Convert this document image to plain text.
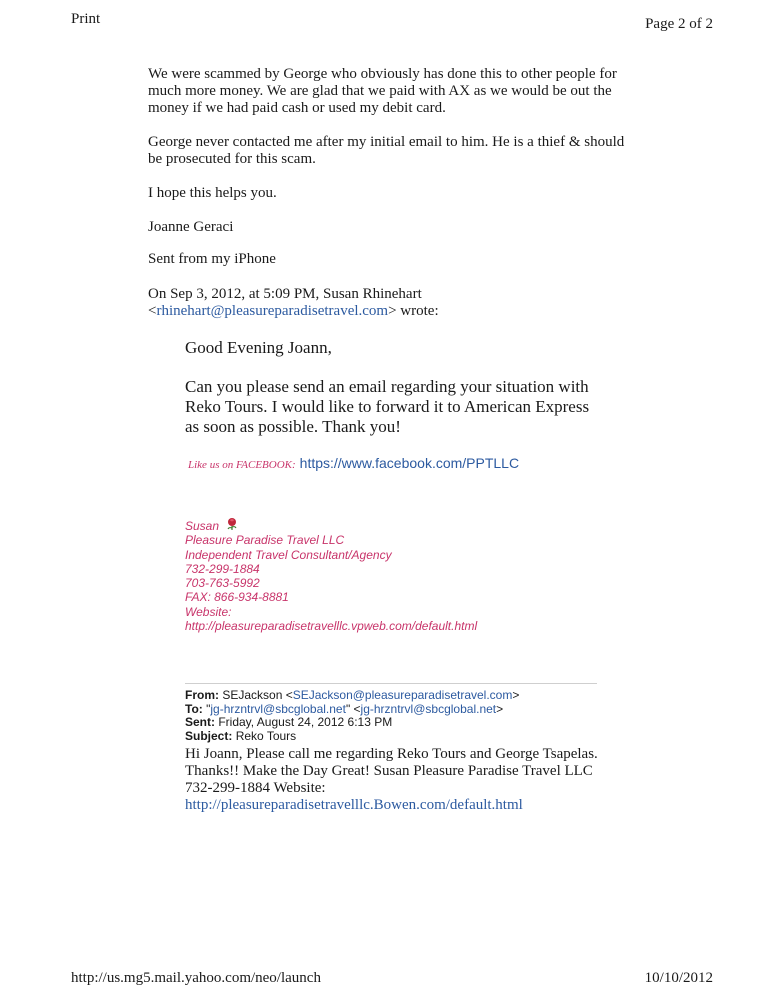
Print	Page 2 of 2
We were scammed by George who obviously has done this to other people for much more money. We are glad that we paid with AX as we would be out the money if we had paid cash or used my debit card.
George never contacted me after my initial email to him. He is a thief & should be prosecuted for this scam.
I hope this helps you.
Joanne Geraci
Sent from my iPhone
On Sep 3, 2012, at 5:09 PM, Susan Rhinehart
<rhinehart@pleasureparadisetravel.com> wrote:
Good Evening Joann,
Can you please send an email regarding your situation with Reko Tours. I would like to forward it to American Express as soon as possible. Thank you!
Like us on FACEBOOK: https://www.facebook.com/PPTLLC
Susan
Pleasure Paradise Travel LLC
Independent Travel Consultant/Agency
732-299-1884
703-763-5992
FAX: 866-934-8881
Website:
http://pleasureparadisetravelllc.vpweb.com/default.html
From: SEJackson <SEJackson@pleasureparadisetravel.com>
To: "jg-hrzntrvl@sbcglobal.net" <jg-hrzntrvl@sbcglobal.net>
Sent: Friday, August 24, 2012 6:13 PM
Subject: Reko Tours
Hi Joann, Please call me regarding Reko Tours and George Tsapelas. Thanks!! Make the Day Great! Susan Pleasure Paradise Travel LLC 732-299-1884 Website:
http://pleasureparadisetravelllc.Bowen.com/default.html
http://us.mg5.mail.yahoo.com/neo/launch	10/10/2012
